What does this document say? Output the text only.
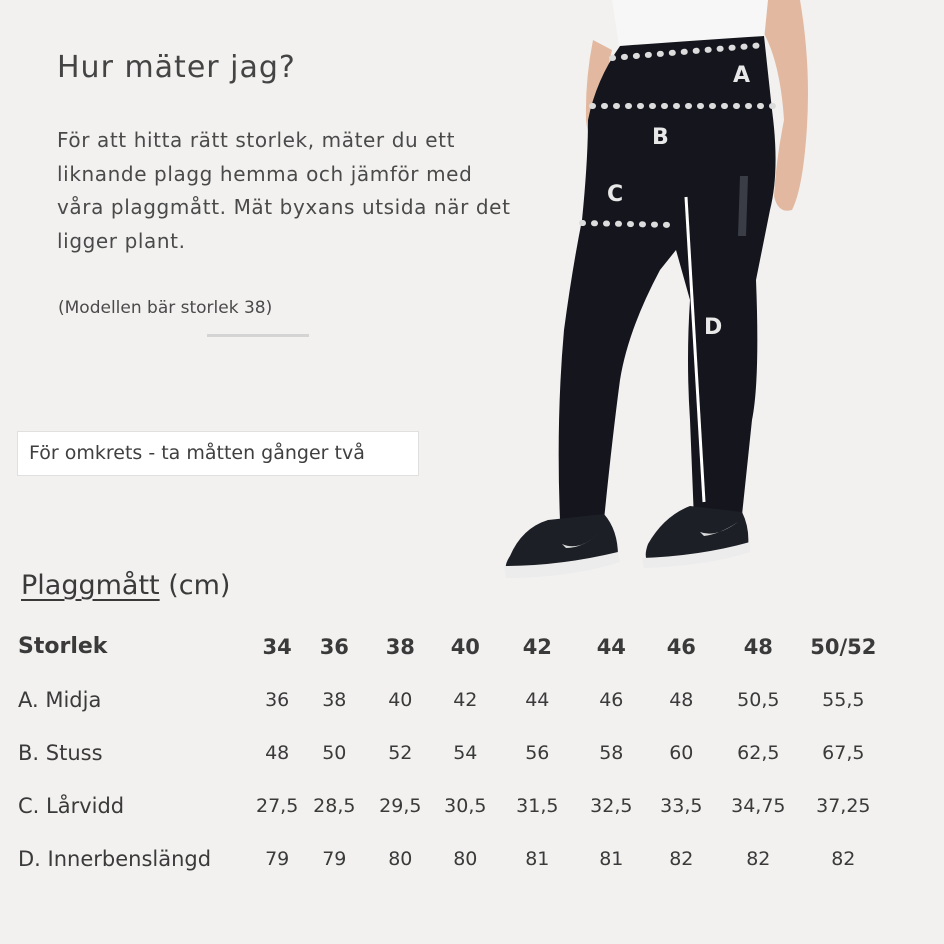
Hur mäter jag?

För att hitta rätt storlek, mäter du ett liknande plagg hemma och jämför med våra plaggmått. Mät byxans utsida när det ligger plant.

(Modellen bär storlek 38)

För omkrets - ta måtten gånger två
A
B
C
D
Plaggmått (cm)
Storlek	34	36	38	40	42	44	46	48	50/52
A. Midja	36	38	40	42	44	46	48	50,5	55,5
B. Stuss	48	50	52	54	56	58	60	62,5	67,5
C. Lårvidd	27,5	28,5	29,5	30,5	31,5	32,5	33,5	34,75	37,25
D. Innerbenslängd	79	79	80	80	81	81	82	82	82
